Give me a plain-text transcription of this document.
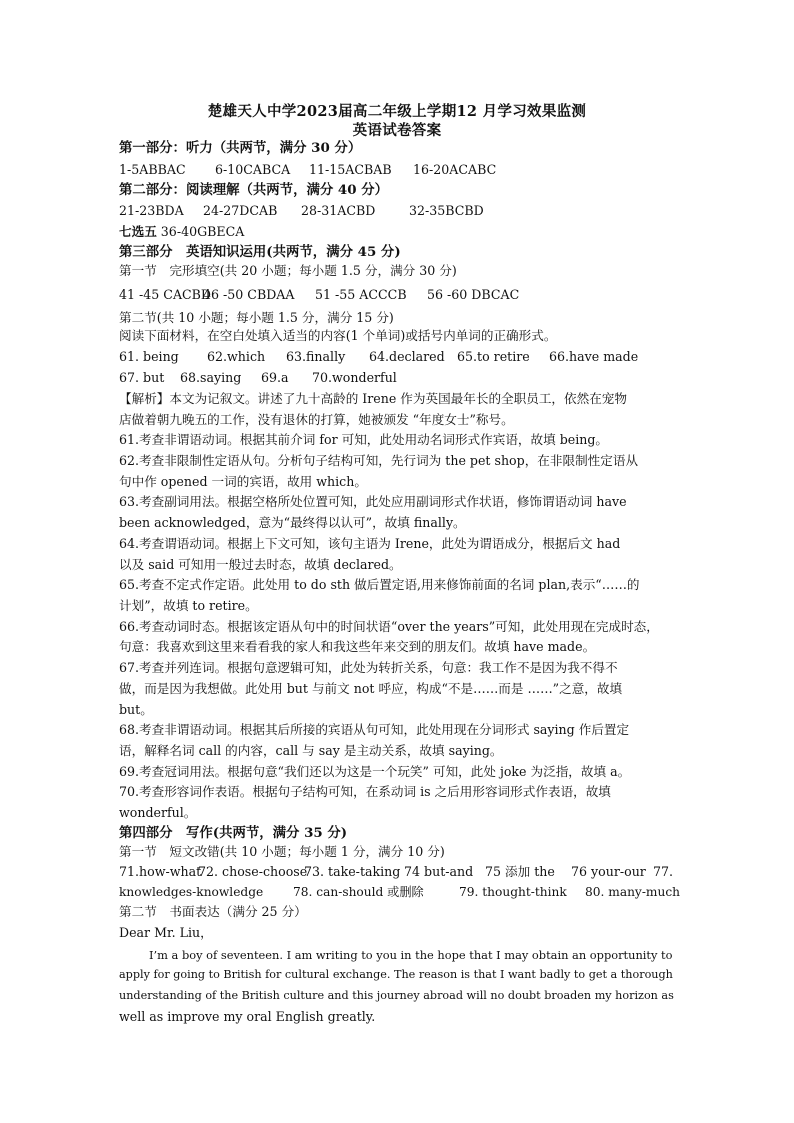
楚雄天人中学2023届高二年级上学期12 月学习效果监测
英语试卷答案
第一部分：听力（共两节，满分 30 分）
1-5ABBAC 6-10CABCA 11-15ACBAB 16-20ACABC
第二部分：阅读理解（共两节，满分 40 分）
21-23BDA 24-27DCAB 28-31ACBD	32-35BCBD
七选五 36-40GBECA
第三部分　英语知识运用(共两节，满分 45 分)
第一节　完形填空(共 20 小题；每小题 1.5 分，满分 30 分)
41 -45 CACBD46 -50 CBDAA 51 -55 ACCCB 56 -60 DBCAC
第二节(共 10 小题；每小题 1.5 分，满分 15 分)
阅读下面材料，在空白处填入适当的内容(1 个单词)或括号内单词的正确形式。
61. being 62.which 63.finally 64.declared 65.to retire 66.have made
67. but 68.saying 69.a 70.wonderful
【解析】本文为记叙文。讲述了九十高龄的 Irene 作为英国最年长的全职员工，依然在宠物
店做着朝九晚五的工作，没有退休的打算，她被颁发 “年度女士”称号。
61.考查非谓语动词。根据其前介词 for 可知，此处用动名词形式作宾语，故填 being。
62.考查非限制性定语从句。分析句子结构可知，先行词为 the pet shop，在非限制性定语从
句中作 opened 一词的宾语，故用 which。
63.考查副词用法。根据空格所处位置可知，此处应用副词形式作状语，修饰谓语动词 have
been acknowledged，意为“最终得以认可”，故填 finally。
64.考查谓语动词。根据上下文可知，该句主语为 Irene，此处为谓语成分，根据后文 had
以及 said 可知用一般过去时态，故填 declared。
65.考查不定式作定语。此处用 to do sth 做后置定语,用来修饰前面的名词 plan,表示“……的
计划”，故填 to retire。
66.考查动词时态。根据该定语从句中的时间状语“over the years”可知，此处用现在完成时态，
句意：我喜欢到这里来看看我的家人和我这些年来交到的朋友们。故填 have made。
67.考查并列连词。根据句意逻辑可知，此处为转折关系，句意：我工作不是因为我不得不
做，而是因为我想做。此处用 but 与前文 not 呼应，构成“不是……而是 ……”之意，故填
but。
68.考查非谓语动词。根据其后所接的宾语从句可知，此处用现在分词形式 saying 作后置定
语，解释名词 call 的内容，call 与 say 是主动关系，故填 saying。
69.考查冠词用法。根据句意“我们还以为这是一个玩笑” 可知，此处 joke 为泛指，故填 a。
70.考查形容词作表语。根据句子结构可知，在系动词 is 之后用形容词形式作表语，故填
wonderful。
第四部分　写作(共两节，满分 35 分)
第一节　短文改错(共 10 小题；每小题 1 分，满分 10 分)
71.how-what72. chose-choose73. take-taking 74 but-and 75 添加 the 76 your-our 77.
knowledges-knowledge 78. can-should 或删除	79. thought-think 80. many-much
第二节　书面表达（满分 25 分）
Dear Mr. Liu，
I’m a boy of seventeen. I am writing to you in the hope that I may obtain an opportunity to
apply for going to British for cultural exchange. The reason is that I want badly to get a thorough
understanding of the British culture and this journey abroad will no doubt broaden my horizon as
well as improve my oral English greatly.
